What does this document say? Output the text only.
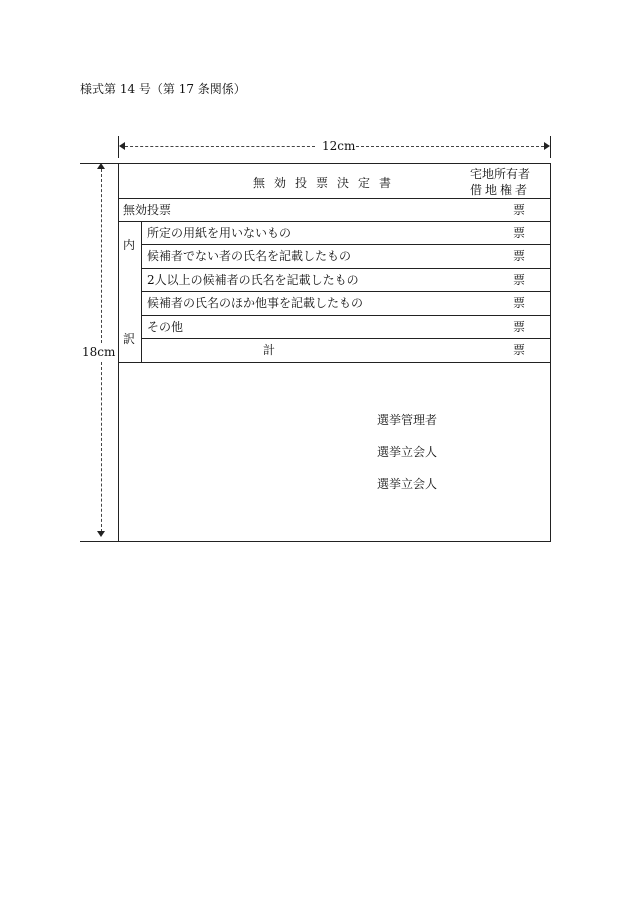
様式第 14 号（第 17 条関係）
12cm
18cm
無効投票決定書
宅地所有者
借地権者
無効投票	票
内
訳
所定の用紙を用いないもの	票
候補者でない者の氏名を記載したもの	票
2人以上の候補者の氏名を記載したもの	票
候補者の氏名のほか他事を記載したもの	票
その他	票
計	票
選挙管理者
選挙立会人
選挙立会人
